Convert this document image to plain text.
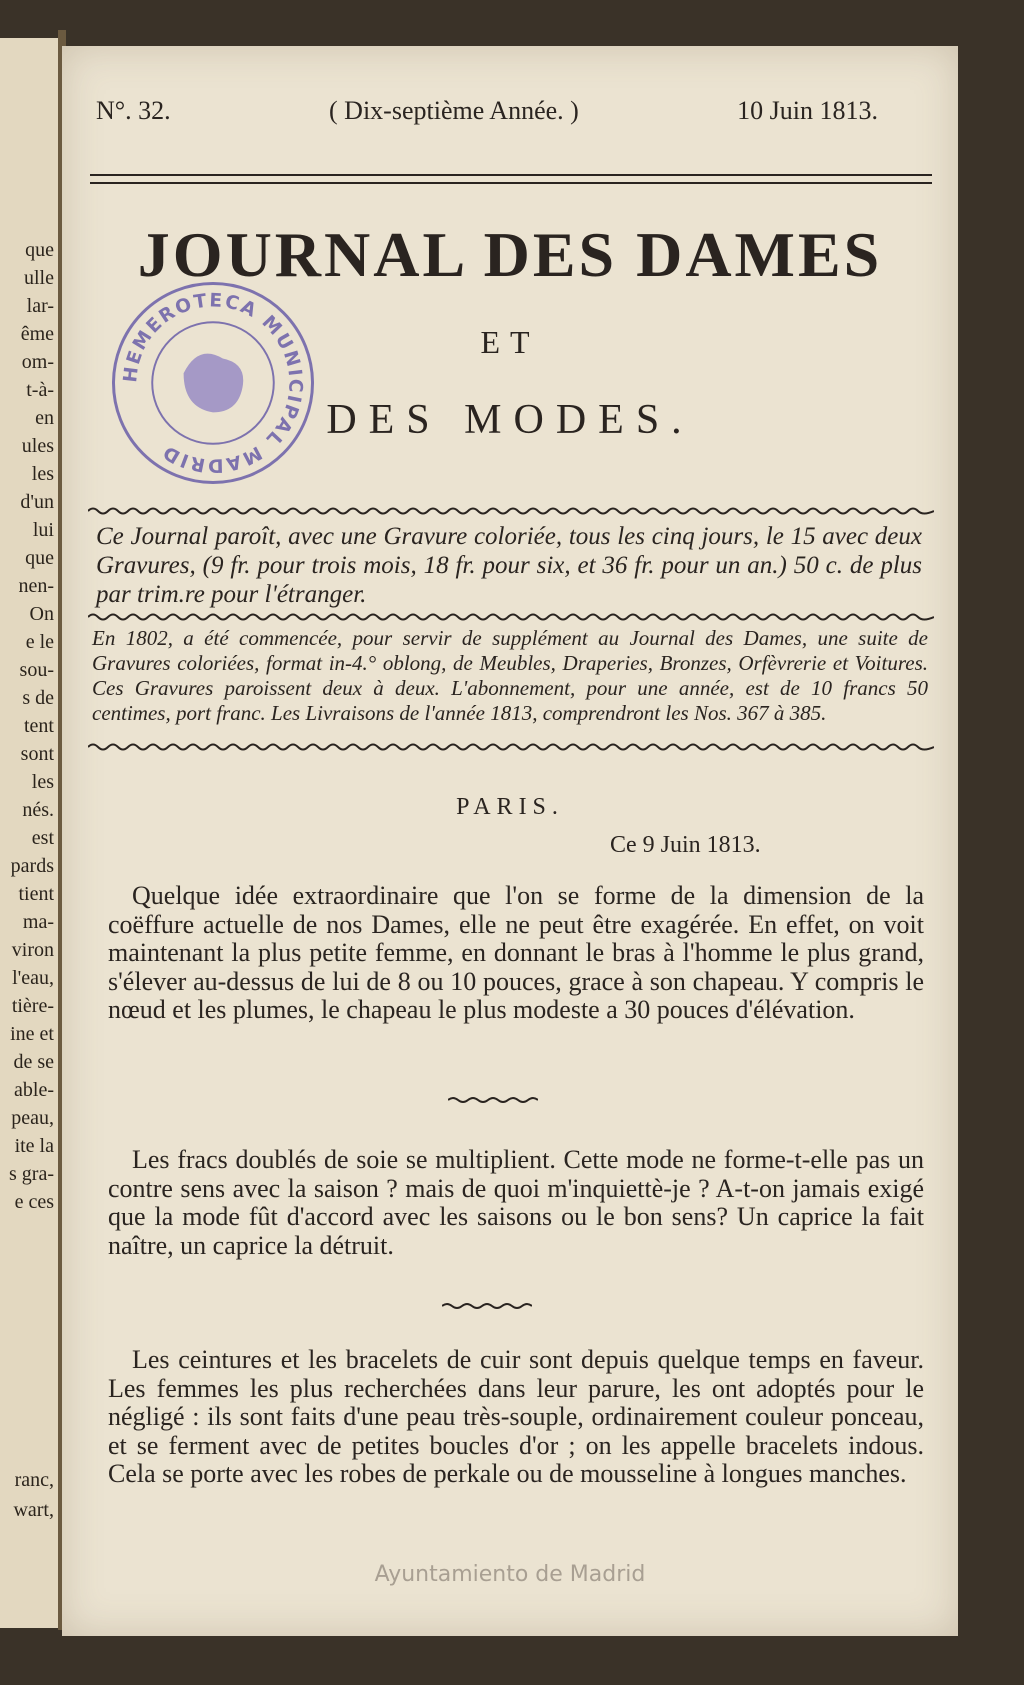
que
ulle
lar-
ême
om-
t-à-
en
ules
les
d'un
lui
que
nen-
On
e le
sou-
s de
tent
sont
les
nés.
est
pards
tient
ma-
viron
l'eau,
tière-
ine et
de se
able-
peau,
ite la
s gra-
e ces
ranc,
wart,
N°. 32.	( Dix-septième Année. )	10 Juin 1813.
JOURNAL DES DAMES
ET
DES MODES.
HEMEROTECA MUNICIPAL MADRID
Ce Journal paroît, avec une Gravure coloriée, tous les cinq jours, le 15 avec deux Gravures, (9 fr. pour trois mois, 18 fr. pour six, et 36 fr. pour un an.) 50 c. de plus par trim.re pour l'étranger.
En 1802, a été commencée, pour servir de supplément au Journal des Dames, une suite de Gravures coloriées, format in-4.° oblong, de Meubles, Draperies, Bronzes, Orfèvrerie et Voitures. Ces Gravures paroissent deux à deux. L'abonnement, pour une année, est de 10 francs 50 centimes, port franc. Les Livraisons de l'année 1813, comprendront les Nos. 367 à 385.
PARIS.
Ce 9 Juin 1813.
Quelque idée extraordinaire que l'on se forme de la dimension de la coëffure actuelle de nos Dames, elle ne peut être exagérée. En effet, on voit maintenant la plus petite femme, en donnant le bras à l'homme le plus grand, s'élever au-dessus de lui de 8 ou 10 pouces, grace à son chapeau. Y compris le nœud et les plumes, le chapeau le plus modeste a 30 pouces d'élévation.
Les fracs doublés de soie se multiplient. Cette mode ne forme-t-elle pas un contre sens avec la saison ? mais de quoi m'inquiettè-je ? A-t-on jamais exigé que la mode fût d'accord avec les saisons ou le bon sens? Un caprice la fait naître, un caprice la détruit.
Les ceintures et les bracelets de cuir sont depuis quelque temps en faveur. Les femmes les plus recherchées dans leur parure, les ont adoptés pour le négligé : ils sont faits d'une peau très-souple, ordinairement couleur ponceau, et se ferment avec de petites boucles d'or ; on les appelle bracelets indous. Cela se porte avec les robes de perkale ou de mousseline à longues manches.
Ayuntamiento de Madrid
